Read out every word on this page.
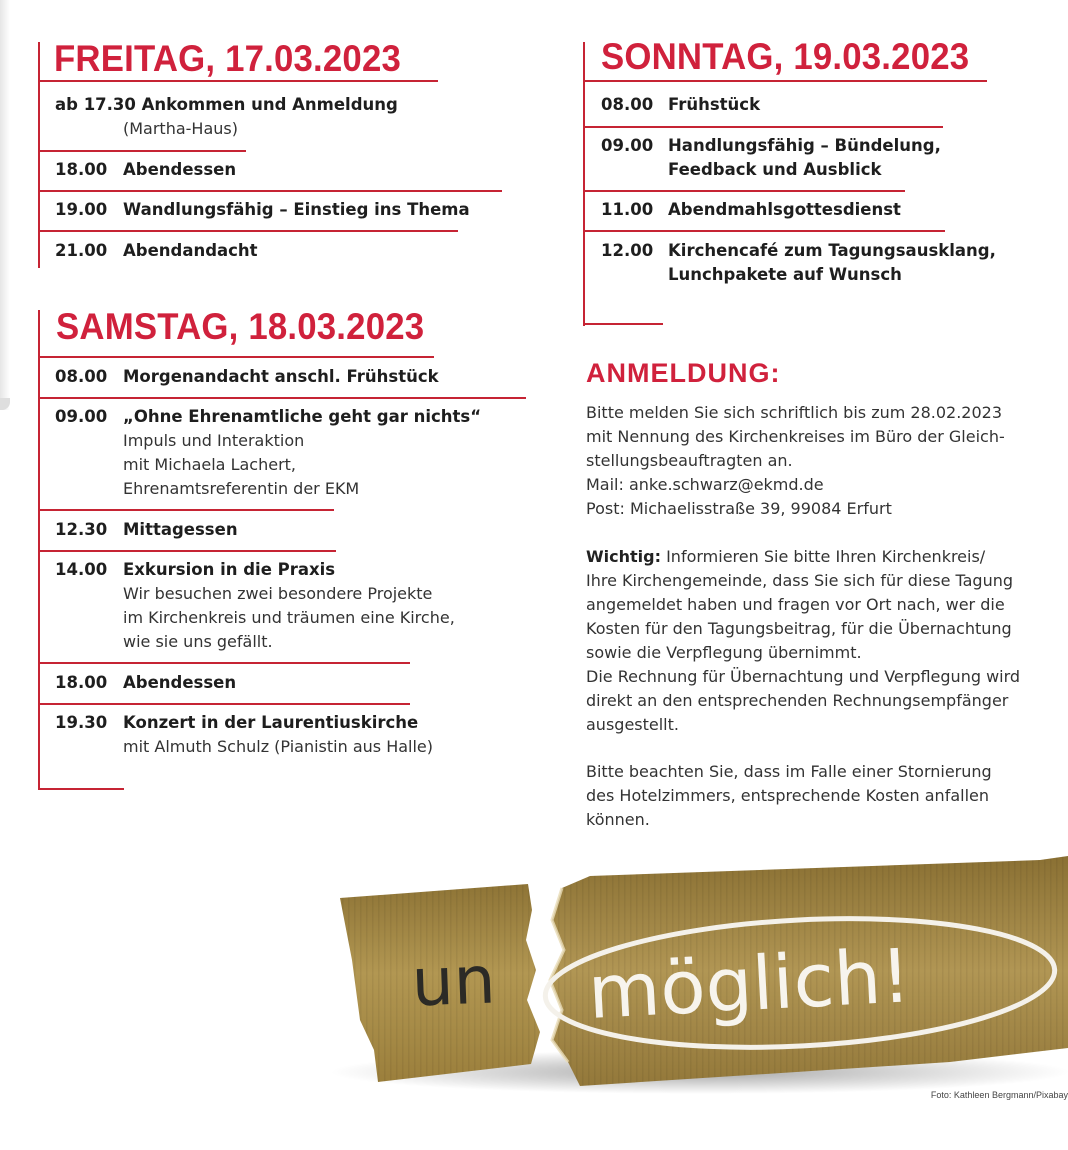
FREITAG, 17.03.2023
ab 17.30 Ankommen und Anmeldung
(Martha-Haus)
18.00 Abendessen
19.00 Wandlungsfähig – Einstieg ins Thema
21.00 Abendandacht
SAMSTAG, 18.03.2023
08.00 Morgenandacht anschl. Frühstück
09.00 „Ohne Ehrenamtliche geht gar nichts“
Impuls und Interaktion
mit Michaela Lachert,
Ehrenamtsreferentin der EKM
12.30 Mittagessen
14.00 Exkursion in die Praxis
Wir besuchen zwei besondere Projekte
im Kirchenkreis und träumen eine Kirche,
wie sie uns gefällt.
18.00 Abendessen
19.30 Konzert in der Laurentiuskirche
mit Almuth Schulz (Pianistin aus Halle)
SONNTAG, 19.03.2023
08.00 Frühstück
09.00 Handlungsfähig – Bündelung,
Feedback und Ausblick
11.00 Abendmahlsgottesdienst
12.00 Kirchencafé zum Tagungsausklang,
Lunchpakete auf Wunsch
ANMELDUNG:

Bitte melden Sie sich schriftlich bis zum 28.02.2023

mit Nennung des Kirchenkreises im Büro der Gleich-

stellungsbeauftragten an.

Mail: anke.schwarz@ekmd.de

Post: Michaelisstraße 39, 99084 Erfurt

Wichtig: Informieren Sie bitte Ihren Kirchenkreis/

Ihre Kirchengemeinde, dass Sie sich für diese Tagung

angemeldet haben und fragen vor Ort nach, wer die

Kosten für den Tagungsbeitrag, für die Übernachtung

sowie die Verpflegung übernimmt.

Die Rechnung für Übernachtung und Verpflegung wird

direkt an den entsprechenden Rechnungsempfänger

ausgestellt.

Bitte beachten Sie, dass im Falle einer Stornierung

des Hotelzimmers, entsprechende Kosten anfallen

können.

un möglich!
Foto: Kathleen Bergmann/Pixabay
